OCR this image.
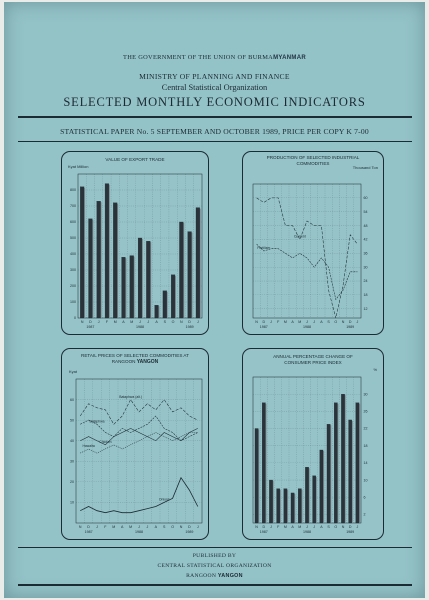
THE GOVERNMENT OF THE UNION OF BURMAMYANMAR
MINISTRY OF PLANNING AND FINANCE
Central Statistical Organization
SELECTED MONTHLY ECONOMIC INDICATORS
STATISTICAL PAPER No. 5 SEPTEMBER AND OCTOBER 1989, PRICE PER COPY K 7-00
VALUE OF EXPORT TRADE
Kyat Million
0
100
200
300
400
500
600
700
800
N D J F M A M J J A S O N D J
1987	1988	1989
PRODUCTION OF SELECTED INDUSTRIAL COMMODITIES
Thousand Ton
12
18
24
30
36
42
48
54
60
N D J F M A M J J A S O N D J
1987	1988	1989
Cement
Fertilizer
RETAIL PRICES OF SELECTED COMMODITIES AT RANGOON YANGON
Kyat
10
20
30
40
50
60
N D J F M A M J J A S O N D J
1987	1988	1989
Bataphwa (alt.)
Bataphwa
Chicken
Hawalta
Onions
ANNUAL PERCENTAGE CHANGE OF CONSUMER PRICE INDEX
%
2
6
10
14
18
22
26
30
N D J F M A M J J A S O N D J
1987	1988	1989
PUBLISHED BY
CENTRAL STATISTICAL ORGANIZATION
RANGOON YANGON
